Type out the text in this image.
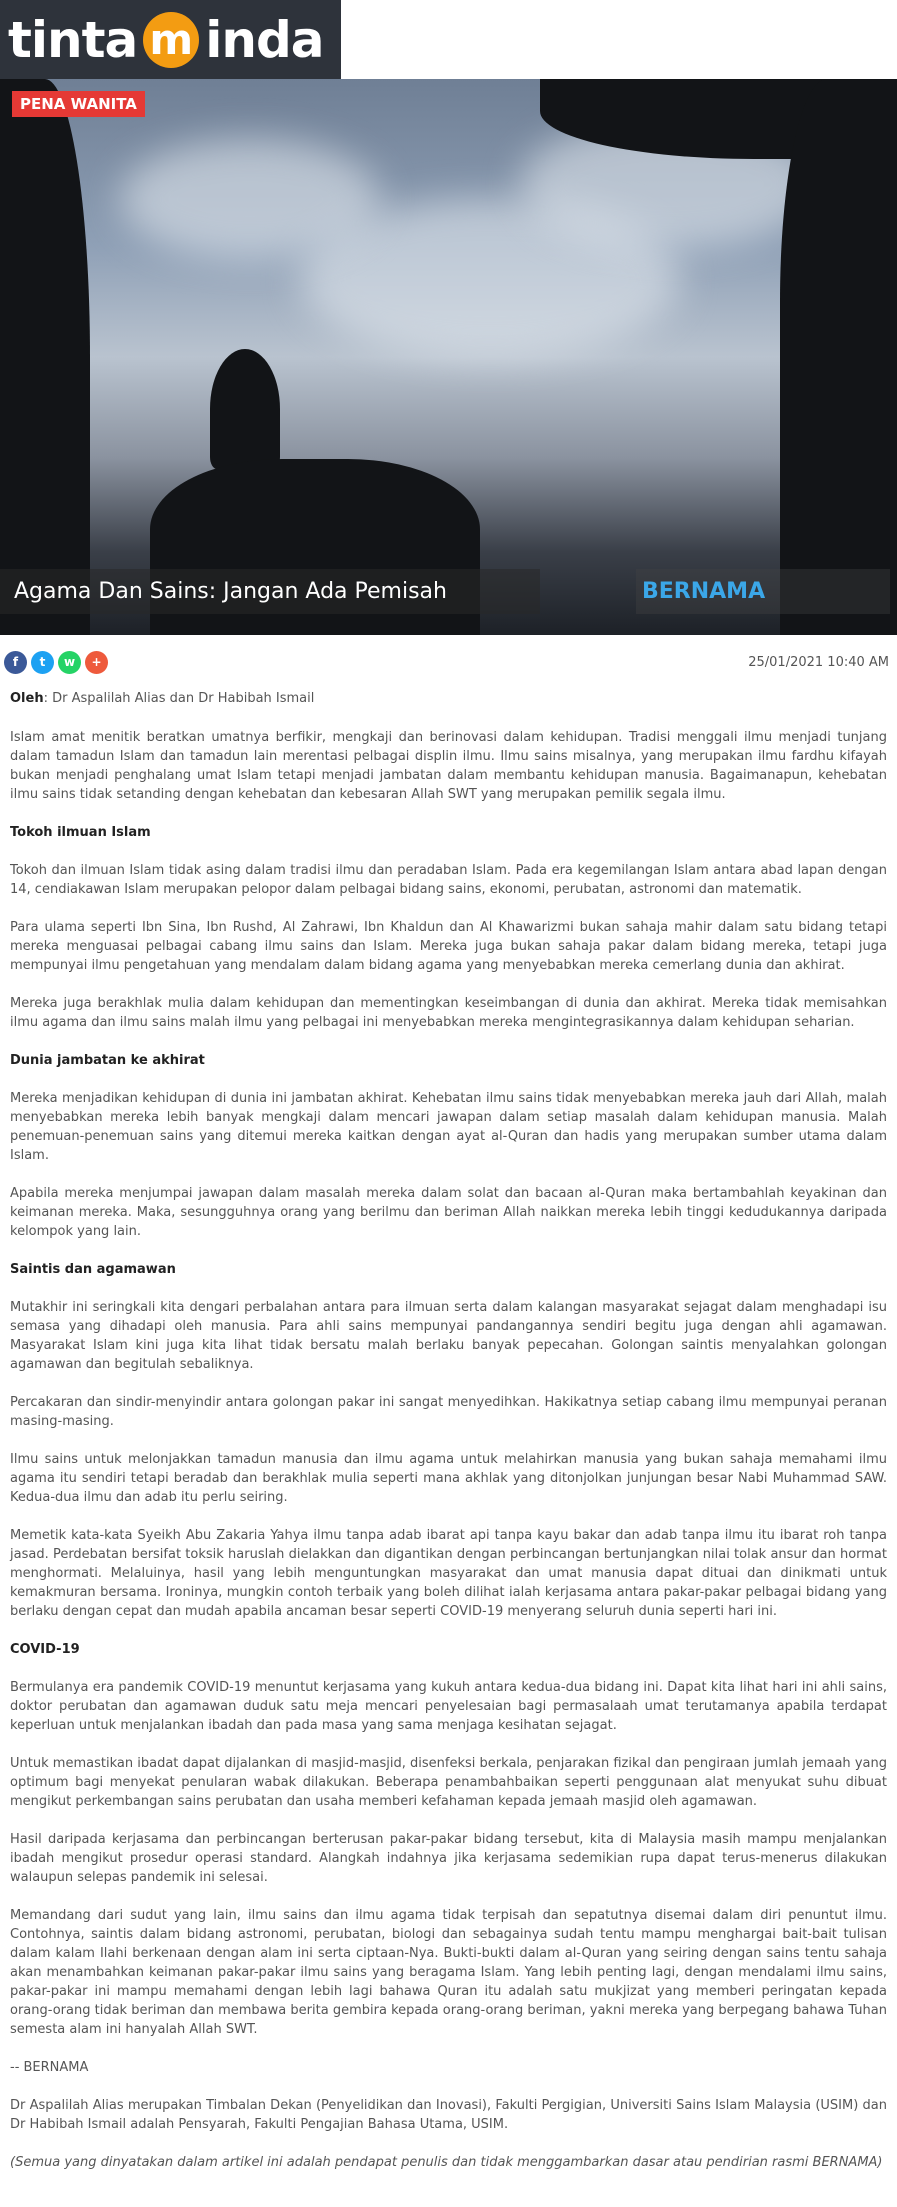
tinta m inda
PENA WANITA
Agama Dan Sains: Jangan Ada Pemisah	BERNAMA
f	t	w	+	25/01/2021 10:40 AM
Oleh: Dr Aspalilah Alias dan Dr Habibah Ismail

Islam amat menitik beratkan umatnya berfikir, mengkaji dan berinovasi dalam kehidupan. Tradisi menggali ilmu menjadi tunjang dalam tamadun Islam dan tamadun lain merentasi pelbagai displin ilmu. Ilmu sains misalnya, yang merupakan ilmu fardhu kifayah bukan menjadi penghalang umat Islam tetapi menjadi jambatan dalam membantu kehidupan manusia. Bagaimanapun, kehebatan ilmu sains tidak setanding dengan kehebatan dan kebesaran Allah SWT yang merupakan pemilik segala ilmu.

Tokoh ilmuan Islam

Tokoh dan ilmuan Islam tidak asing dalam tradisi ilmu dan peradaban Islam. Pada era kegemilangan Islam antara abad lapan dengan 14, cendiakawan Islam merupakan pelopor dalam pelbagai bidang sains, ekonomi, perubatan, astronomi dan matematik.

Para ulama seperti Ibn Sina, Ibn Rushd, Al Zahrawi, Ibn Khaldun dan Al Khawarizmi bukan sahaja mahir dalam satu bidang tetapi mereka menguasai pelbagai cabang ilmu sains dan Islam. Mereka juga bukan sahaja pakar dalam bidang mereka, tetapi juga mempunyai ilmu pengetahuan yang mendalam dalam bidang agama yang menyebabkan mereka cemerlang dunia dan akhirat.

Mereka juga berakhlak mulia dalam kehidupan dan mementingkan keseimbangan di dunia dan akhirat. Mereka tidak memisahkan ilmu agama dan ilmu sains malah ilmu yang pelbagai ini menyebabkan mereka mengintegrasikannya dalam kehidupan seharian.

Dunia jambatan ke akhirat

Mereka menjadikan kehidupan di dunia ini jambatan akhirat. Kehebatan ilmu sains tidak menyebabkan mereka jauh dari Allah, malah menyebabkan mereka lebih banyak mengkaji dalam mencari jawapan dalam setiap masalah dalam kehidupan manusia. Malah penemuan-penemuan sains yang ditemui mereka kaitkan dengan ayat al-Quran dan hadis yang merupakan sumber utama dalam Islam.

Apabila mereka menjumpai jawapan dalam masalah mereka dalam solat dan bacaan al-Quran maka bertambahlah keyakinan dan keimanan mereka. Maka, sesungguhnya orang yang berilmu dan beriman Allah naikkan mereka lebih tinggi kedudukannya daripada kelompok yang lain.

Saintis dan agamawan

Mutakhir ini seringkali kita dengari perbalahan antara para ilmuan serta dalam kalangan masyarakat sejagat dalam menghadapi isu semasa yang dihadapi oleh manusia. Para ahli sains mempunyai pandangannya sendiri begitu juga dengan ahli agamawan. Masyarakat Islam kini juga kita lihat tidak bersatu malah berlaku banyak pepecahan. Golongan saintis menyalahkan golongan agamawan dan begitulah sebaliknya.

Percakaran dan sindir-menyindir antara golongan pakar ini sangat menyedihkan. Hakikatnya setiap cabang ilmu mempunyai peranan masing-masing.

Ilmu sains untuk melonjakkan tamadun manusia dan ilmu agama untuk melahirkan manusia yang bukan sahaja memahami ilmu agama itu sendiri tetapi beradab dan berakhlak mulia seperti mana akhlak yang ditonjolkan junjungan besar Nabi Muhammad SAW. Kedua-dua ilmu dan adab itu perlu seiring.

Memetik kata-kata Syeikh Abu Zakaria Yahya ilmu tanpa adab ibarat api tanpa kayu bakar dan adab tanpa ilmu itu ibarat roh tanpa jasad. Perdebatan bersifat toksik haruslah dielakkan dan digantikan dengan perbincangan bertunjangkan nilai tolak ansur dan hormat menghormati. Melaluinya, hasil yang lebih menguntungkan masyarakat dan umat manusia dapat dituai dan dinikmati untuk kemakmuran bersama. Ironinya, mungkin contoh terbaik yang boleh dilihat ialah kerjasama antara pakar-pakar pelbagai bidang yang berlaku dengan cepat dan mudah apabila ancaman besar seperti COVID-19 menyerang seluruh dunia seperti hari ini.

COVID-19

Bermulanya era pandemik COVID-19 menuntut kerjasama yang kukuh antara kedua-dua bidang ini. Dapat kita lihat hari ini ahli sains, doktor perubatan dan agamawan duduk satu meja mencari penyelesaian bagi permasalaah umat terutamanya apabila terdapat keperluan untuk menjalankan ibadah dan pada masa yang sama menjaga kesihatan sejagat.

Untuk memastikan ibadat dapat dijalankan di masjid-masjid, disenfeksi berkala, penjarakan fizikal dan pengiraan jumlah jemaah yang optimum bagi menyekat penularan wabak dilakukan. Beberapa penambahbaikan seperti penggunaan alat menyukat suhu dibuat mengikut perkembangan sains perubatan dan usaha memberi kefahaman kepada jemaah masjid oleh agamawan.

Hasil daripada kerjasama dan perbincangan berterusan pakar-pakar bidang tersebut, kita di Malaysia masih mampu menjalankan ibadah mengikut prosedur operasi standard. Alangkah indahnya jika kerjasama sedemikian rupa dapat terus-menerus dilakukan walaupun selepas pandemik ini selesai.

Memandang dari sudut yang lain, ilmu sains dan ilmu agama tidak terpisah dan sepatutnya disemai dalam diri penuntut ilmu. Contohnya, saintis dalam bidang astronomi, perubatan, biologi dan sebagainya sudah tentu mampu menghargai bait-bait tulisan dalam kalam Ilahi berkenaan dengan alam ini serta ciptaan-Nya. Bukti-bukti dalam al-Quran yang seiring dengan sains tentu sahaja akan menambahkan keimanan pakar-pakar ilmu sains yang beragama Islam. Yang lebih penting lagi, dengan mendalami ilmu sains, pakar-pakar ini mampu memahami dengan lebih lagi bahawa Quran itu adalah satu mukjizat yang memberi peringatan kepada orang-orang tidak beriman dan membawa berita gembira kepada orang-orang beriman, yakni mereka yang berpegang bahawa Tuhan semesta alam ini hanyalah Allah SWT.

-- BERNAMA

Dr Aspalilah Alias merupakan Timbalan Dekan (Penyelidikan dan Inovasi), Fakulti Pergigian, Universiti Sains Islam Malaysia (USIM) dan Dr Habibah Ismail adalah Pensyarah, Fakulti Pengajian Bahasa Utama, USIM.

(Semua yang dinyatakan dalam artikel ini adalah pendapat penulis dan tidak menggambarkan dasar atau pendirian rasmi BERNAMA)
